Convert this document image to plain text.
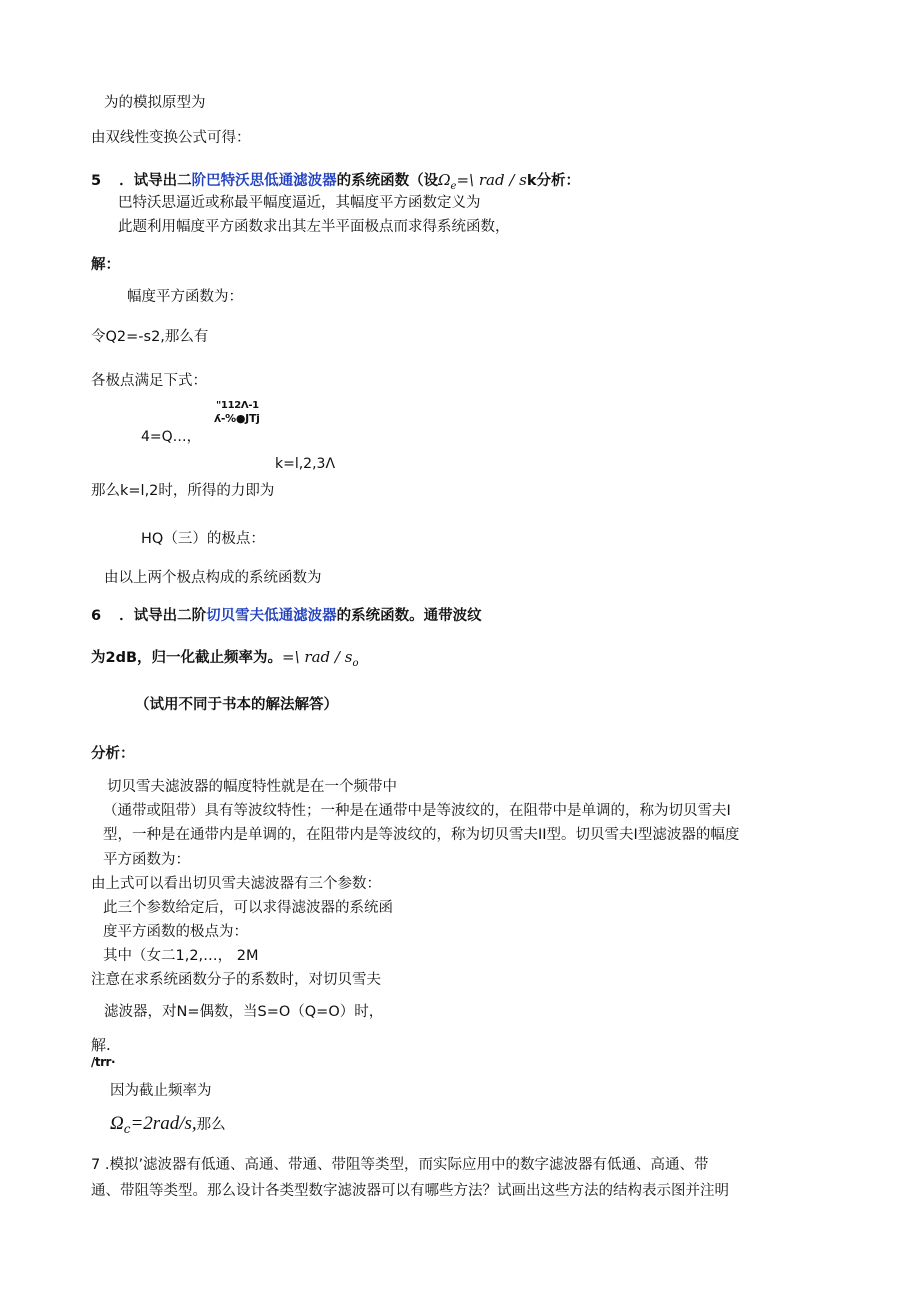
为的模拟原型为
由双线性变换公式可得：
5 ．试导出二阶巴特沃思低通滤波器的系统函数（设$\Omega_e=\backslash$ rad / sk分析：
巴特沃思逼近或称最平幅度逼近，其幅度平方函数定义为
此题利用幅度平方函数求出其左半平面极点而求得系统函数，
解：
幅度平方函数为：
令Q2=-s2,那么有
各极点满足下式：
"112Λ-1
ʎ-%●JTj
4=Q…，
k=l,2,3Λ
那么k=l,2时，所得的力即为
HQ（三）的极点：
由以上两个极点构成的系统函数为
6 ．试导出二阶切贝雪夫低通滤波器的系统函数。通带波纹
为2dB，归一化截止频率为。=\ rad / $s_o$
（试用不同于书本的解法解答）
分析：
切贝雪夫滤波器的幅度特性就是在一个频带中
（通带或阻带）具有等波纹特性；一种是在通带中是等波纹的，在阻带中是单调的，称为切贝雪夫I
型，一种是在通带内是单调的，在阻带内是等波纹的，称为切贝雪夫II型。切贝雪夫I型滤波器的幅度
平方函数为：
由上式可以看出切贝雪夫滤波器有三个参数：
此三个参数给定后，可以求得滤波器的系统函
度平方函数的极点为：
其中（女二1,2,…， 2M
注意在求系统函数分子的系数时，对切贝雪夫
滤波器，对N=偶数，当S=O（Q=O）时，
解.
/trr·
因为截止频率为
$\Omega_c=2rad/s$,那么
7 .模拟’滤波器有低通、高通、带通、带阻等类型，而实际应用中的数字滤波器有低通、高通、带
通、带阻等类型。那么设计各类型数字滤波器可以有哪些方法？试画出这些方法的结构表示图并注明
